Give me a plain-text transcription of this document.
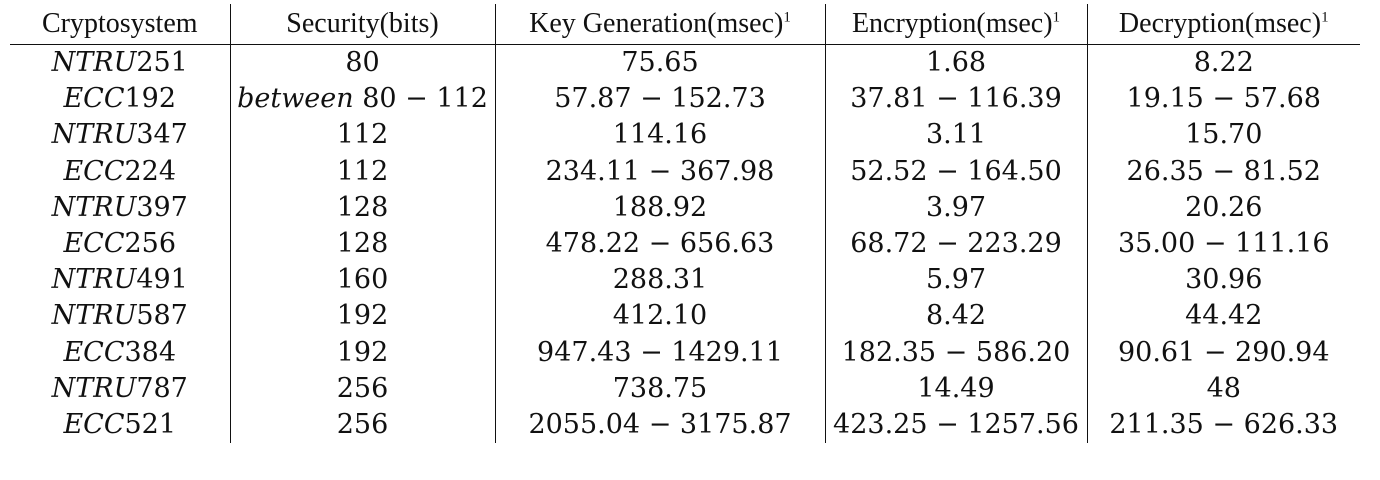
Cryptosystem	Security(bits)	Key $Generation(msec)^1$	$Encryption(msec)^1$	$Decryption(msec)^1$
NTRU251	80	75.65	1.68	8.22
ECC192	between 80 − 112	57.87 − 152.73	37.81 − 116.39	19.15 − 57.68
NTRU347	112	114.16	3.11	15.70
ECC224	112	234.11 − 367.98	52.52 − 164.50	26.35 − 81.52
NTRU397	128	188.92	3.97	20.26
ECC256	128	478.22 − 656.63	68.72 − 223.29	35.00 − 111.16
NTRU491	160	288.31	5.97	30.96
NTRU587	192	412.10	8.42	44.42
ECC384	192	947.43 − 1429.11	182.35 − 586.20	90.61 − 290.94
NTRU787	256	738.75	14.49	48
ECC521	256	2055.04 − 3175.87	423.25 − 1257.56	211.35 − 626.33
